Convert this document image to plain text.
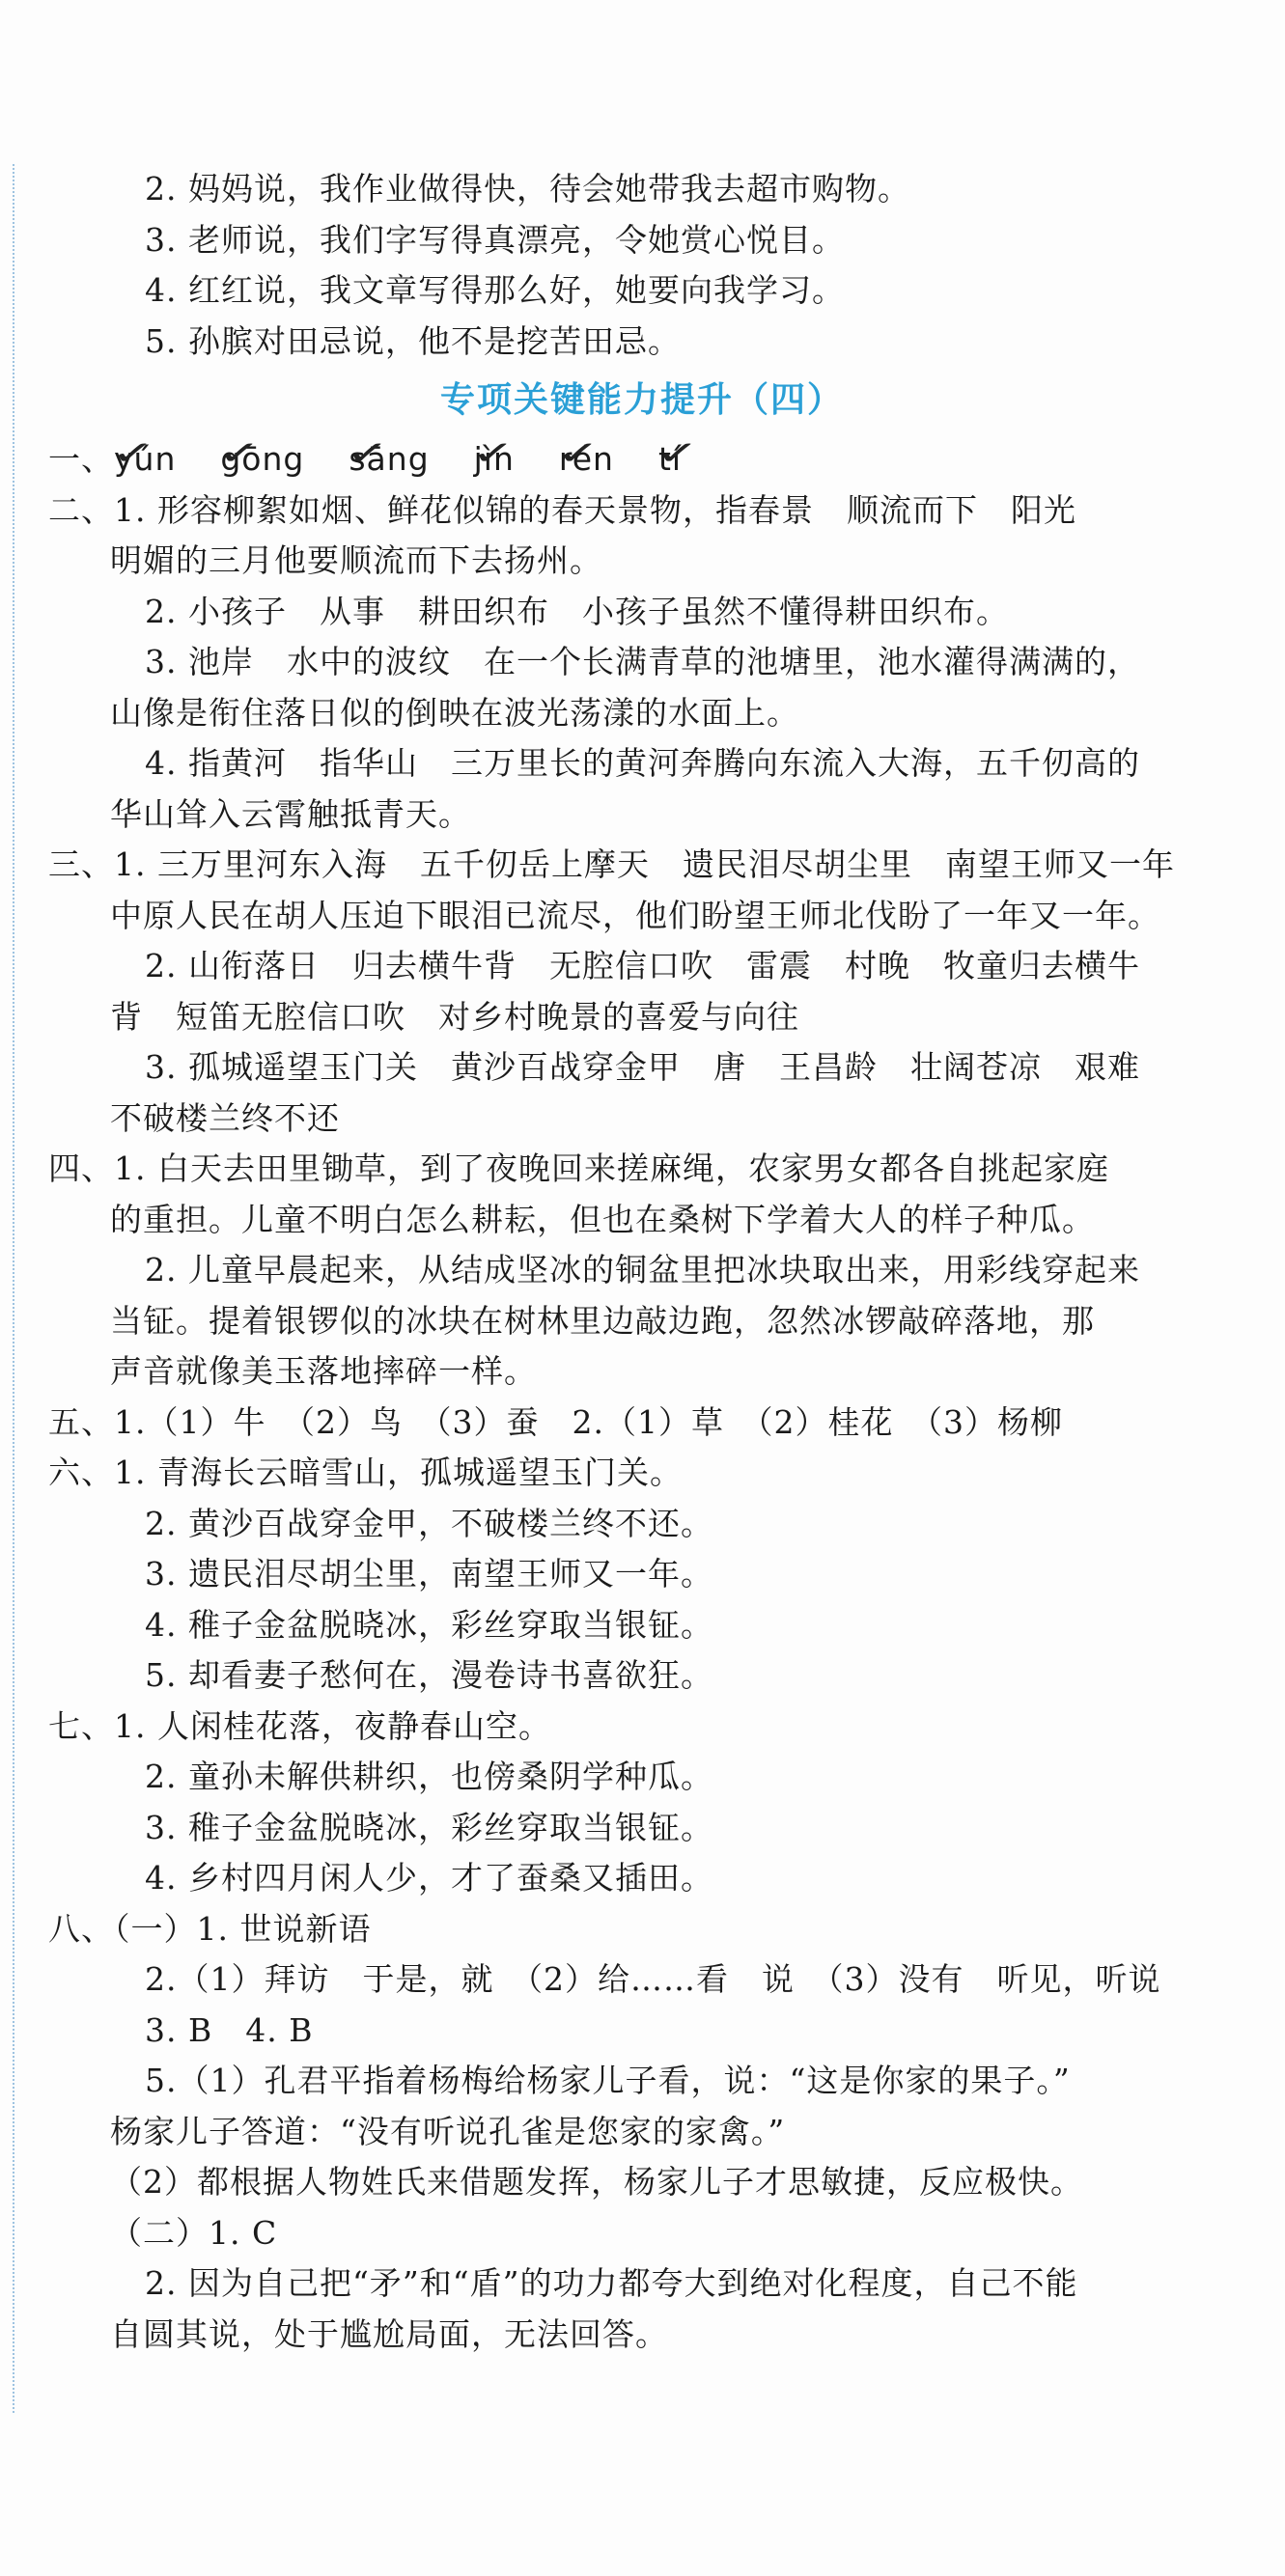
2. 妈妈说，我作业做得快，待会她带我去超市购物。
3. 老师说，我们字写得真漂亮，令她赏心悦目。
4. 红红说，我文章写得那么好，她要向我学习。
5. 孙膑对田忌说，他不是挖苦田忌。
专项关键能力提升（四）
一、 yún ✓ gōng ✓ sāng ✓ jìn ✓ rén ✓ tí ✓
二、1. 形容柳絮如烟、鲜花似锦的春天景物，指春景　顺流而下　阳光
明媚的三月他要顺流而下去扬州。
2. 小孩子　从事　耕田织布　小孩子虽然不懂得耕田织布。
3. 池岸　水中的波纹　在一个长满青草的池塘里，池水灌得满满的，
山像是衔住落日似的倒映在波光荡漾的水面上。
4. 指黄河　指华山　三万里长的黄河奔腾向东流入大海，五千仞高的
华山耸入云霄触抵青天。
三、1. 三万里河东入海　五千仞岳上摩天　遗民泪尽胡尘里　南望王师又一年
中原人民在胡人压迫下眼泪已流尽，他们盼望王师北伐盼了一年又一年。
2. 山衔落日　归去横牛背　无腔信口吹　雷震　村晚　牧童归去横牛
背　短笛无腔信口吹　对乡村晚景的喜爱与向往
3. 孤城遥望玉门关　黄沙百战穿金甲　唐　王昌龄　壮阔苍凉　艰难
不破楼兰终不还
四、1. 白天去田里锄草，到了夜晚回来搓麻绳，农家男女都各自挑起家庭
的重担。儿童不明白怎么耕耘，但也在桑树下学着大人的样子种瓜。
2. 儿童早晨起来，从结成坚冰的铜盆里把冰块取出来，用彩线穿起来
当钲。提着银锣似的冰块在树林里边敲边跑，忽然冰锣敲碎落地，那
声音就像美玉落地摔碎一样。
五、1.（1）牛　（2）鸟　（3）蚕　2.（1）草　（2）桂花　（3）杨柳
六、1. 青海长云暗雪山，孤城遥望玉门关。
2. 黄沙百战穿金甲，不破楼兰终不还。
3. 遗民泪尽胡尘里，南望王师又一年。
4. 稚子金盆脱晓冰，彩丝穿取当银钲。
5. 却看妻子愁何在，漫卷诗书喜欲狂。
七、1. 人闲桂花落，夜静春山空。
2. 童孙未解供耕织，也傍桑阴学种瓜。
3. 稚子金盆脱晓冰，彩丝穿取当银钲。
4. 乡村四月闲人少，才了蚕桑又插田。
八、（一）1. 世说新语
2.（1）拜访　于是，就　（2）给……看　说　（3）没有　听见，听说
3. B　4. B
5.（1）孔君平指着杨梅给杨家儿子看，说：“这是你家的果子。”
杨家儿子答道：“没有听说孔雀是您家的家禽。”
（2）都根据人物姓氏来借题发挥，杨家儿子才思敏捷，反应极快。
（二）1. C
2. 因为自己把“矛”和“盾”的功力都夸大到绝对化程度，自己不能
自圆其说，处于尴尬局面，无法回答。
